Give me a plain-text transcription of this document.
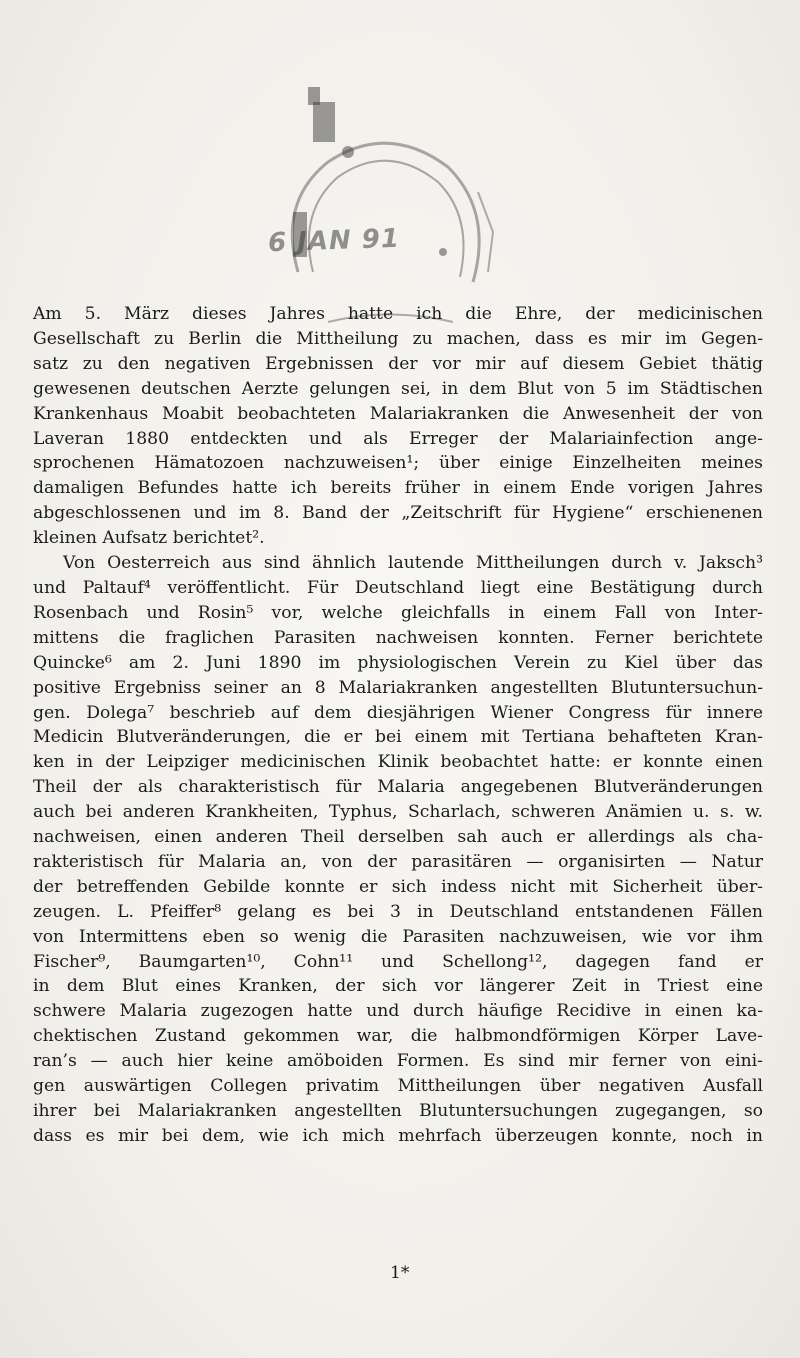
6 JAN 91
Am 5. März dieses Jahres hatte ich die Ehre, der medicinischen
Gesellschaft zu Berlin die Mittheilung zu machen, dass es mir im Gegen-
satz zu den negativen Ergebnissen der vor mir auf diesem Gebiet thätig
gewesenen deutschen Aerzte gelungen sei, in dem Blut von 5 im Städtischen
Krankenhaus Moabit beobachteten Malariakranken die Anwesenheit der von
Laveran 1880 entdeckten und als Erreger der Malariainfection ange-
sprochenen Hämatozoen nachzuweisen¹; über einige Einzelheiten meines
damaligen Befundes hatte ich bereits früher in einem Ende vorigen Jahres
abgeschlossenen und im 8. Band der „Zeitschrift für Hygiene“ erschienenen
kleinen Aufsatz berichtet².
Von Oesterreich aus sind ähnlich lautende Mittheilungen durch v. Jaksch³
und Paltauf⁴ veröffentlicht. Für Deutschland liegt eine Bestätigung durch
Rosenbach und Rosin⁵ vor, welche gleichfalls in einem Fall von Inter-
mittens die fraglichen Parasiten nachweisen konnten. Ferner berichtete
Quincke⁶ am 2. Juni 1890 im physiologischen Verein zu Kiel über das
positive Ergebniss seiner an 8 Malariakranken angestellten Blutuntersuchun-
gen. Dolega⁷ beschrieb auf dem diesjährigen Wiener Congress für innere
Medicin Blutveränderungen, die er bei einem mit Tertiana behafteten Kran-
ken in der Leipziger medicinischen Klinik beobachtet hatte: er konnte einen
Theil der als charakteristisch für Malaria angegebenen Blutveränderungen
auch bei anderen Krankheiten, Typhus, Scharlach, schweren Anämien u. s. w.
nachweisen, einen anderen Theil derselben sah auch er allerdings als cha-
rakteristisch für Malaria an, von der parasitären — organisirten — Natur
der betreffenden Gebilde konnte er sich indess nicht mit Sicherheit über-
zeugen. L. Pfeiffer⁸ gelang es bei 3 in Deutschland entstandenen Fällen
von Intermittens eben so wenig die Parasiten nachzuweisen, wie vor ihm
Fischer⁹, Baumgarten¹⁰, Cohn¹¹ und Schellong¹², dagegen fand er
in dem Blut eines Kranken, der sich vor längerer Zeit in Triest eine
schwere Malaria zugezogen hatte und durch häufige Recidive in einen ka-
chektischen Zustand gekommen war, die halbmondförmigen Körper Lave-
ran’s — auch hier keine amöboiden Formen. Es sind mir ferner von eini-
gen auswärtigen Collegen privatim Mittheilungen über negativen Ausfall
ihrer bei Malariakranken angestellten Blutuntersuchungen zugegangen, so
dass es mir bei dem, wie ich mich mehrfach überzeugen konnte, noch in
1*
